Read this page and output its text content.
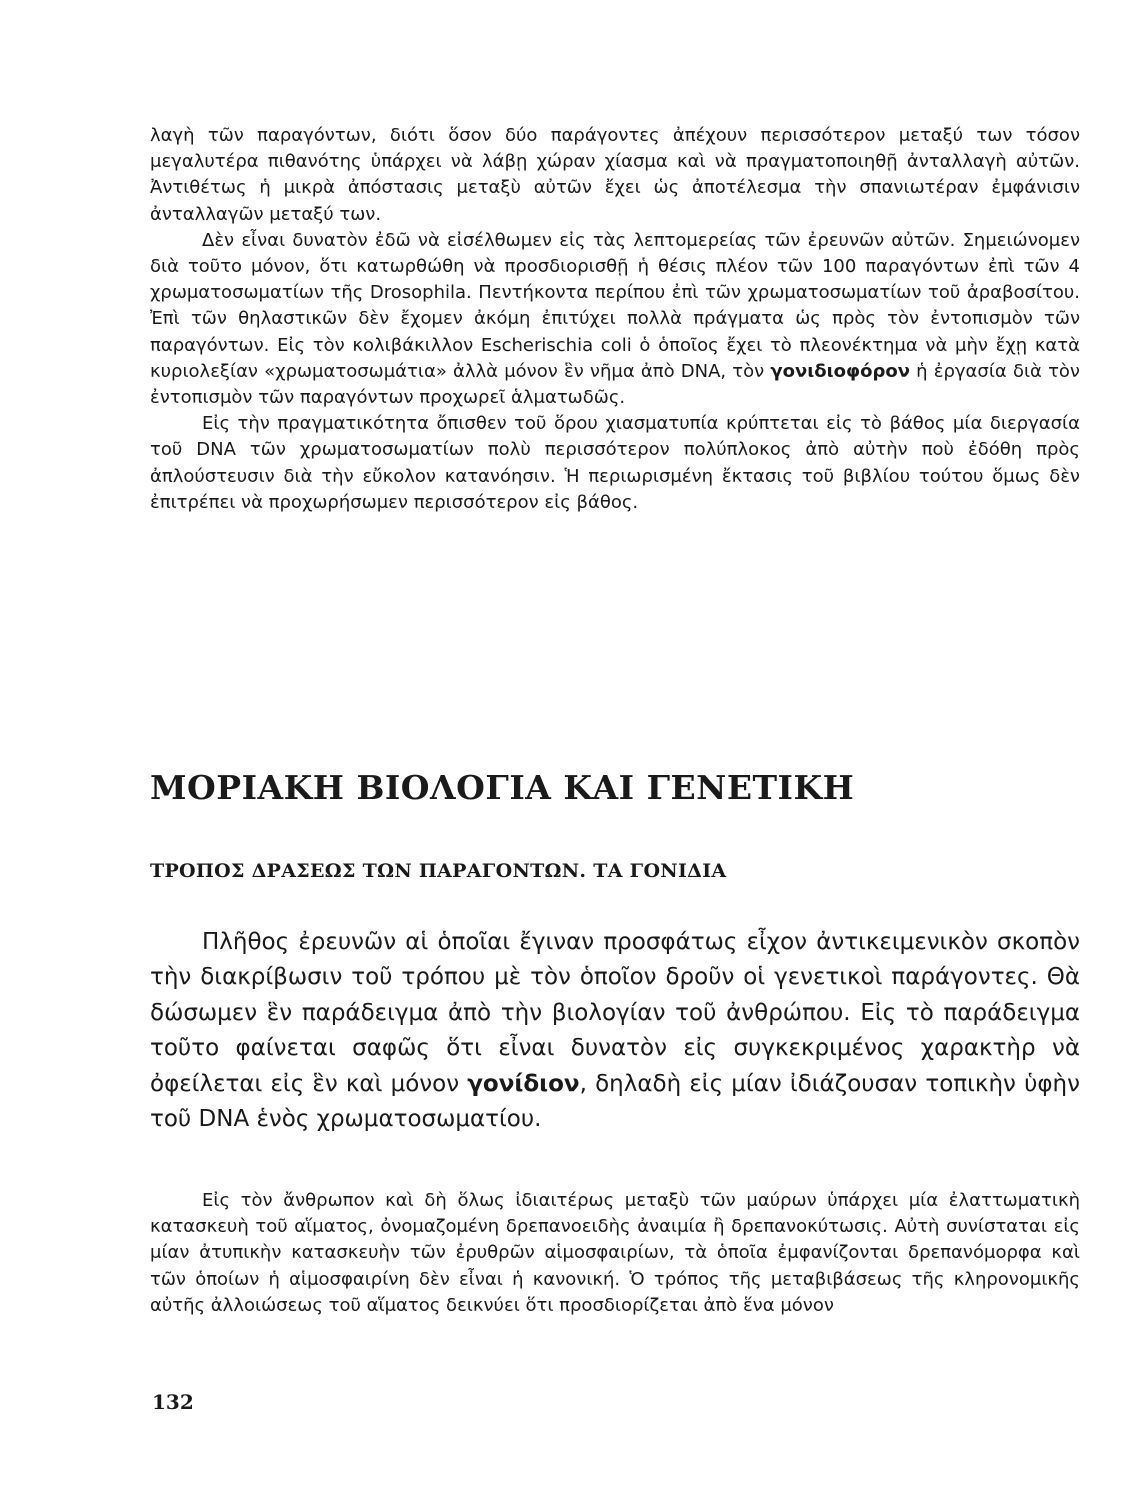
λαγὴ τῶν παραγόντων, διότι ὅσον δύο παράγοντες ἀπέχουν περισσότερον μεταξύ των τόσον μεγαλυτέρα πιθανότης ὑπάρχει νὰ λάβῃ χώραν χίασμα καὶ νὰ πραγματοποιηθῇ ἀνταλλαγὴ αὐτῶν. Ἀντιθέτως ἡ μικρὰ ἀπόστασις μεταξὺ αὐτῶν ἔχει ὡς ἀποτέλεσμα τὴν σπανιωτέραν ἐμφάνισιν ἀνταλλαγῶν μεταξύ των.

Δὲν εἶναι δυνατὸν ἐδῶ νὰ εἰσέλθωμεν εἰς τὰς λεπτομερείας τῶν ἐρευνῶν αὐτῶν. Σημειώνομεν διὰ τοῦτο μόνον, ὅτι κατωρθώθη νὰ προσδιορισθῇ ἡ θέσις πλέον τῶν 100 παραγόντων ἐπὶ τῶν 4 χρωματοσωματίων τῆς Drosophila. Πεντήκοντα περίπου ἐπὶ τῶν χρωματοσωματίων τοῦ ἀραβοσίτου. Ἐπὶ τῶν θηλαστικῶν δὲν ἔχομεν ἀκόμη ἐπιτύχει πολλὰ πράγματα ὡς πρὸς τὸν ἐντοπισμὸν τῶν παραγόντων. Εἰς τὸν κολιβάκιλλον Escherischia coli ὁ ὁποῖος ἔχει τὸ πλεονέκτημα νὰ μὴν ἔχῃ κατὰ κυριολεξίαν «χρωματοσωμάτια» ἀλλὰ μόνον ἓν νῆμα ἀπὸ DNA, τὸν γονιδιοφόρον ἡ ἐργασία διὰ τὸν ἐντοπισμὸν τῶν παραγόντων προχωρεῖ ἁλματωδῶς.

Εἰς τὴν πραγματικότητα ὄπισθεν τοῦ ὅρου χιασματυπία κρύπτεται εἰς τὸ βάθος μία διεργασία τοῦ DNA τῶν χρωματοσωματίων πολὺ περισσότερον πολύπλοκος ἀπὸ αὐτὴν ποὺ ἐδόθη πρὸς ἀπλούστευσιν διὰ τὴν εὔκολον κατανόησιν. Ἡ περιωρισμένη ἔκτασις τοῦ βιβλίου τούτου ὅμως δὲν ἐπιτρέπει νὰ προχωρήσωμεν περισσότερον εἰς βάθος.

ΜΟΡΙΑΚΗ ΒΙΟΛΟΓΙΑ ΚΑΙ ΓΕΝΕΤΙΚΗ
ΤΡΟΠΟΣ ΔΡΑΣΕΩΣ ΤΩΝ ΠΑΡΑΓΟΝΤΩΝ. ΤΑ ΓΟΝΙΔΙΑ

Πλῆθος ἐρευνῶν αἱ ὁποῖαι ἔγιναν προσφάτως εἶχον ἀντικειμενικὸν σκοπὸν τὴν διακρίβωσιν τοῦ τρόπου μὲ τὸν ὁποῖον δροῦν οἱ γενετικοὶ παράγοντες. Θὰ δώσωμεν ἓν παράδειγμα ἀπὸ τὴν βιολογίαν τοῦ ἀνθρώπου. Εἰς τὸ παράδειγμα τοῦτο φαίνεται σαφῶς ὅτι εἶναι δυνατὸν εἰς συγκεκριμένος χαρακτὴρ νὰ ὀφείλεται εἰς ἓν καὶ μόνον γονίδιον, δηλαδὴ εἰς μίαν ἰδιάζουσαν τοπικὴν ὑφὴν τοῦ DNA ἑνὸς χρωματοσωματίου.

Εἰς τὸν ἄνθρωπον καὶ δὴ ὅλως ἰδιαιτέρως μεταξὺ τῶν μαύρων ὑπάρχει μία ἐλαττωματικὴ κατασκευὴ τοῦ αἵματος, ὀνομαζομένη δρεπανοειδὴς ἀναιμία ἢ δρεπανοκύτωσις. Αὐτὴ συνίσταται εἰς μίαν ἀτυπικὴν κατασκευὴν τῶν ἐρυθρῶν αἱμοσφαιρίων, τὰ ὁποῖα ἐμφανίζονται δρεπανόμορφα καὶ τῶν ὁποίων ἡ αἱμοσφαιρίνη δὲν εἶναι ἡ κανονική. Ὁ τρόπος τῆς μεταβιβάσεως τῆς κληρονομικῆς αὐτῆς ἀλλοιώσεως τοῦ αἵματος δεικνύει ὅτι προσδιορίζεται ἀπὸ ἕνα μόνον

132
